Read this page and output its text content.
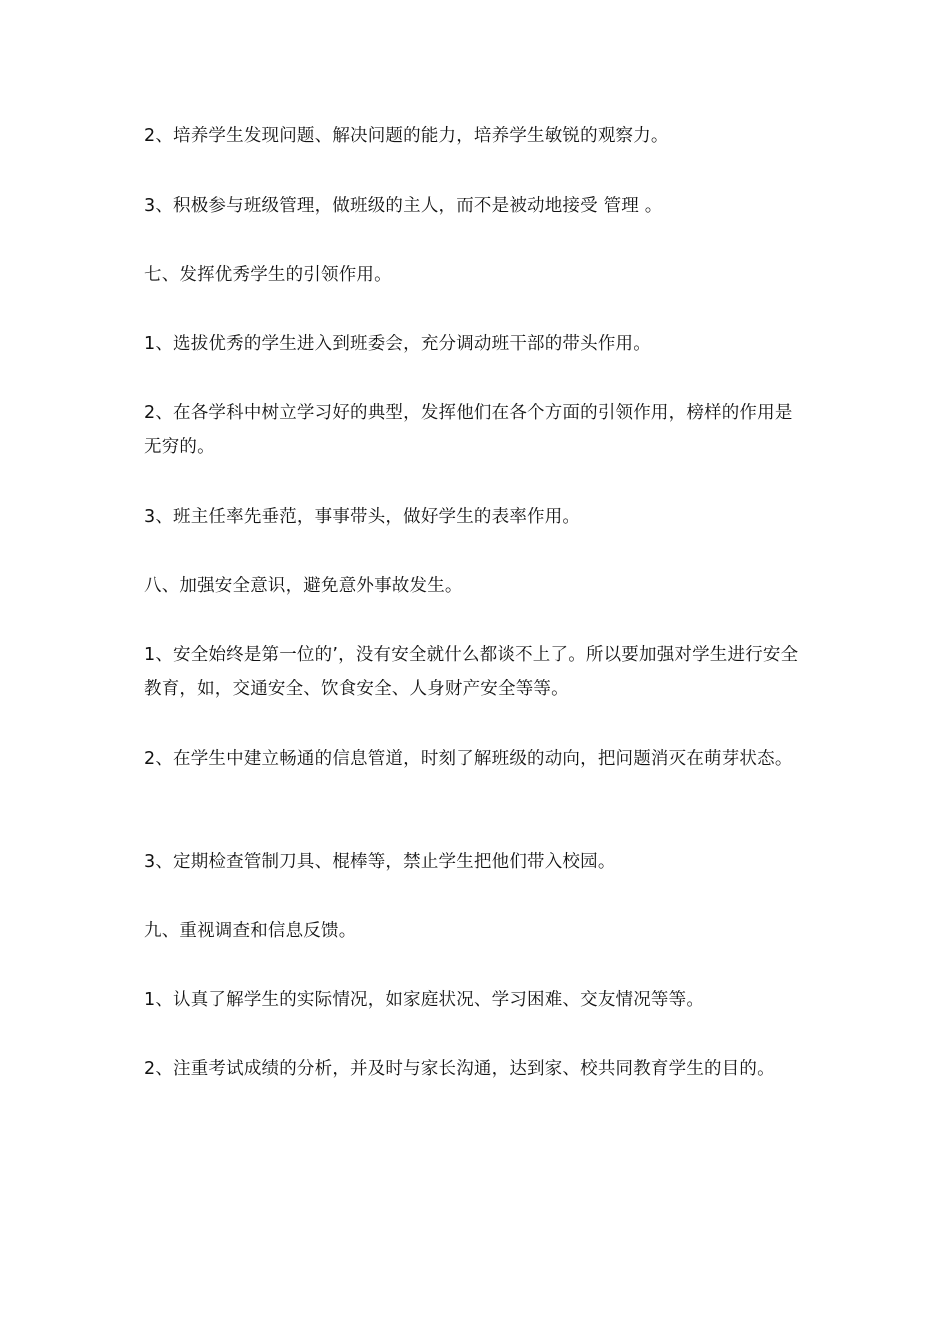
2、培养学生发现问题、解决问题的能力，培养学生敏锐的观察力。

3、积极参与班级管理，做班级的主人，而不是被动地接受 管理 。

七、发挥优秀学生的引领作用。

1、选拔优秀的学生进入到班委会，充分调动班干部的带头作用。

2、在各学科中树立学习好的典型，发挥他们在各个方面的引领作用，榜样的作用是无穷的。

3、班主任率先垂范，事事带头，做好学生的表率作用。

八、加强安全意识，避免意外事故发生。

1、安全始终是第一位的’，没有安全就什么都谈不上了。所以要加强对学生进行安全教育，如，交通安全、饮食安全、人身财产安全等等。

2、在学生中建立畅通的信息管道，时刻了解班级的动向，把问题消灭在萌芽状态。

3、定期检查管制刀具、棍棒等，禁止学生把他们带入校园。

九、重视调查和信息反馈。

1、认真了解学生的实际情况，如家庭状况、学习困难、交友情况等等。

2、注重考试成绩的分析，并及时与家长沟通，达到家、校共同教育学生的目的。
